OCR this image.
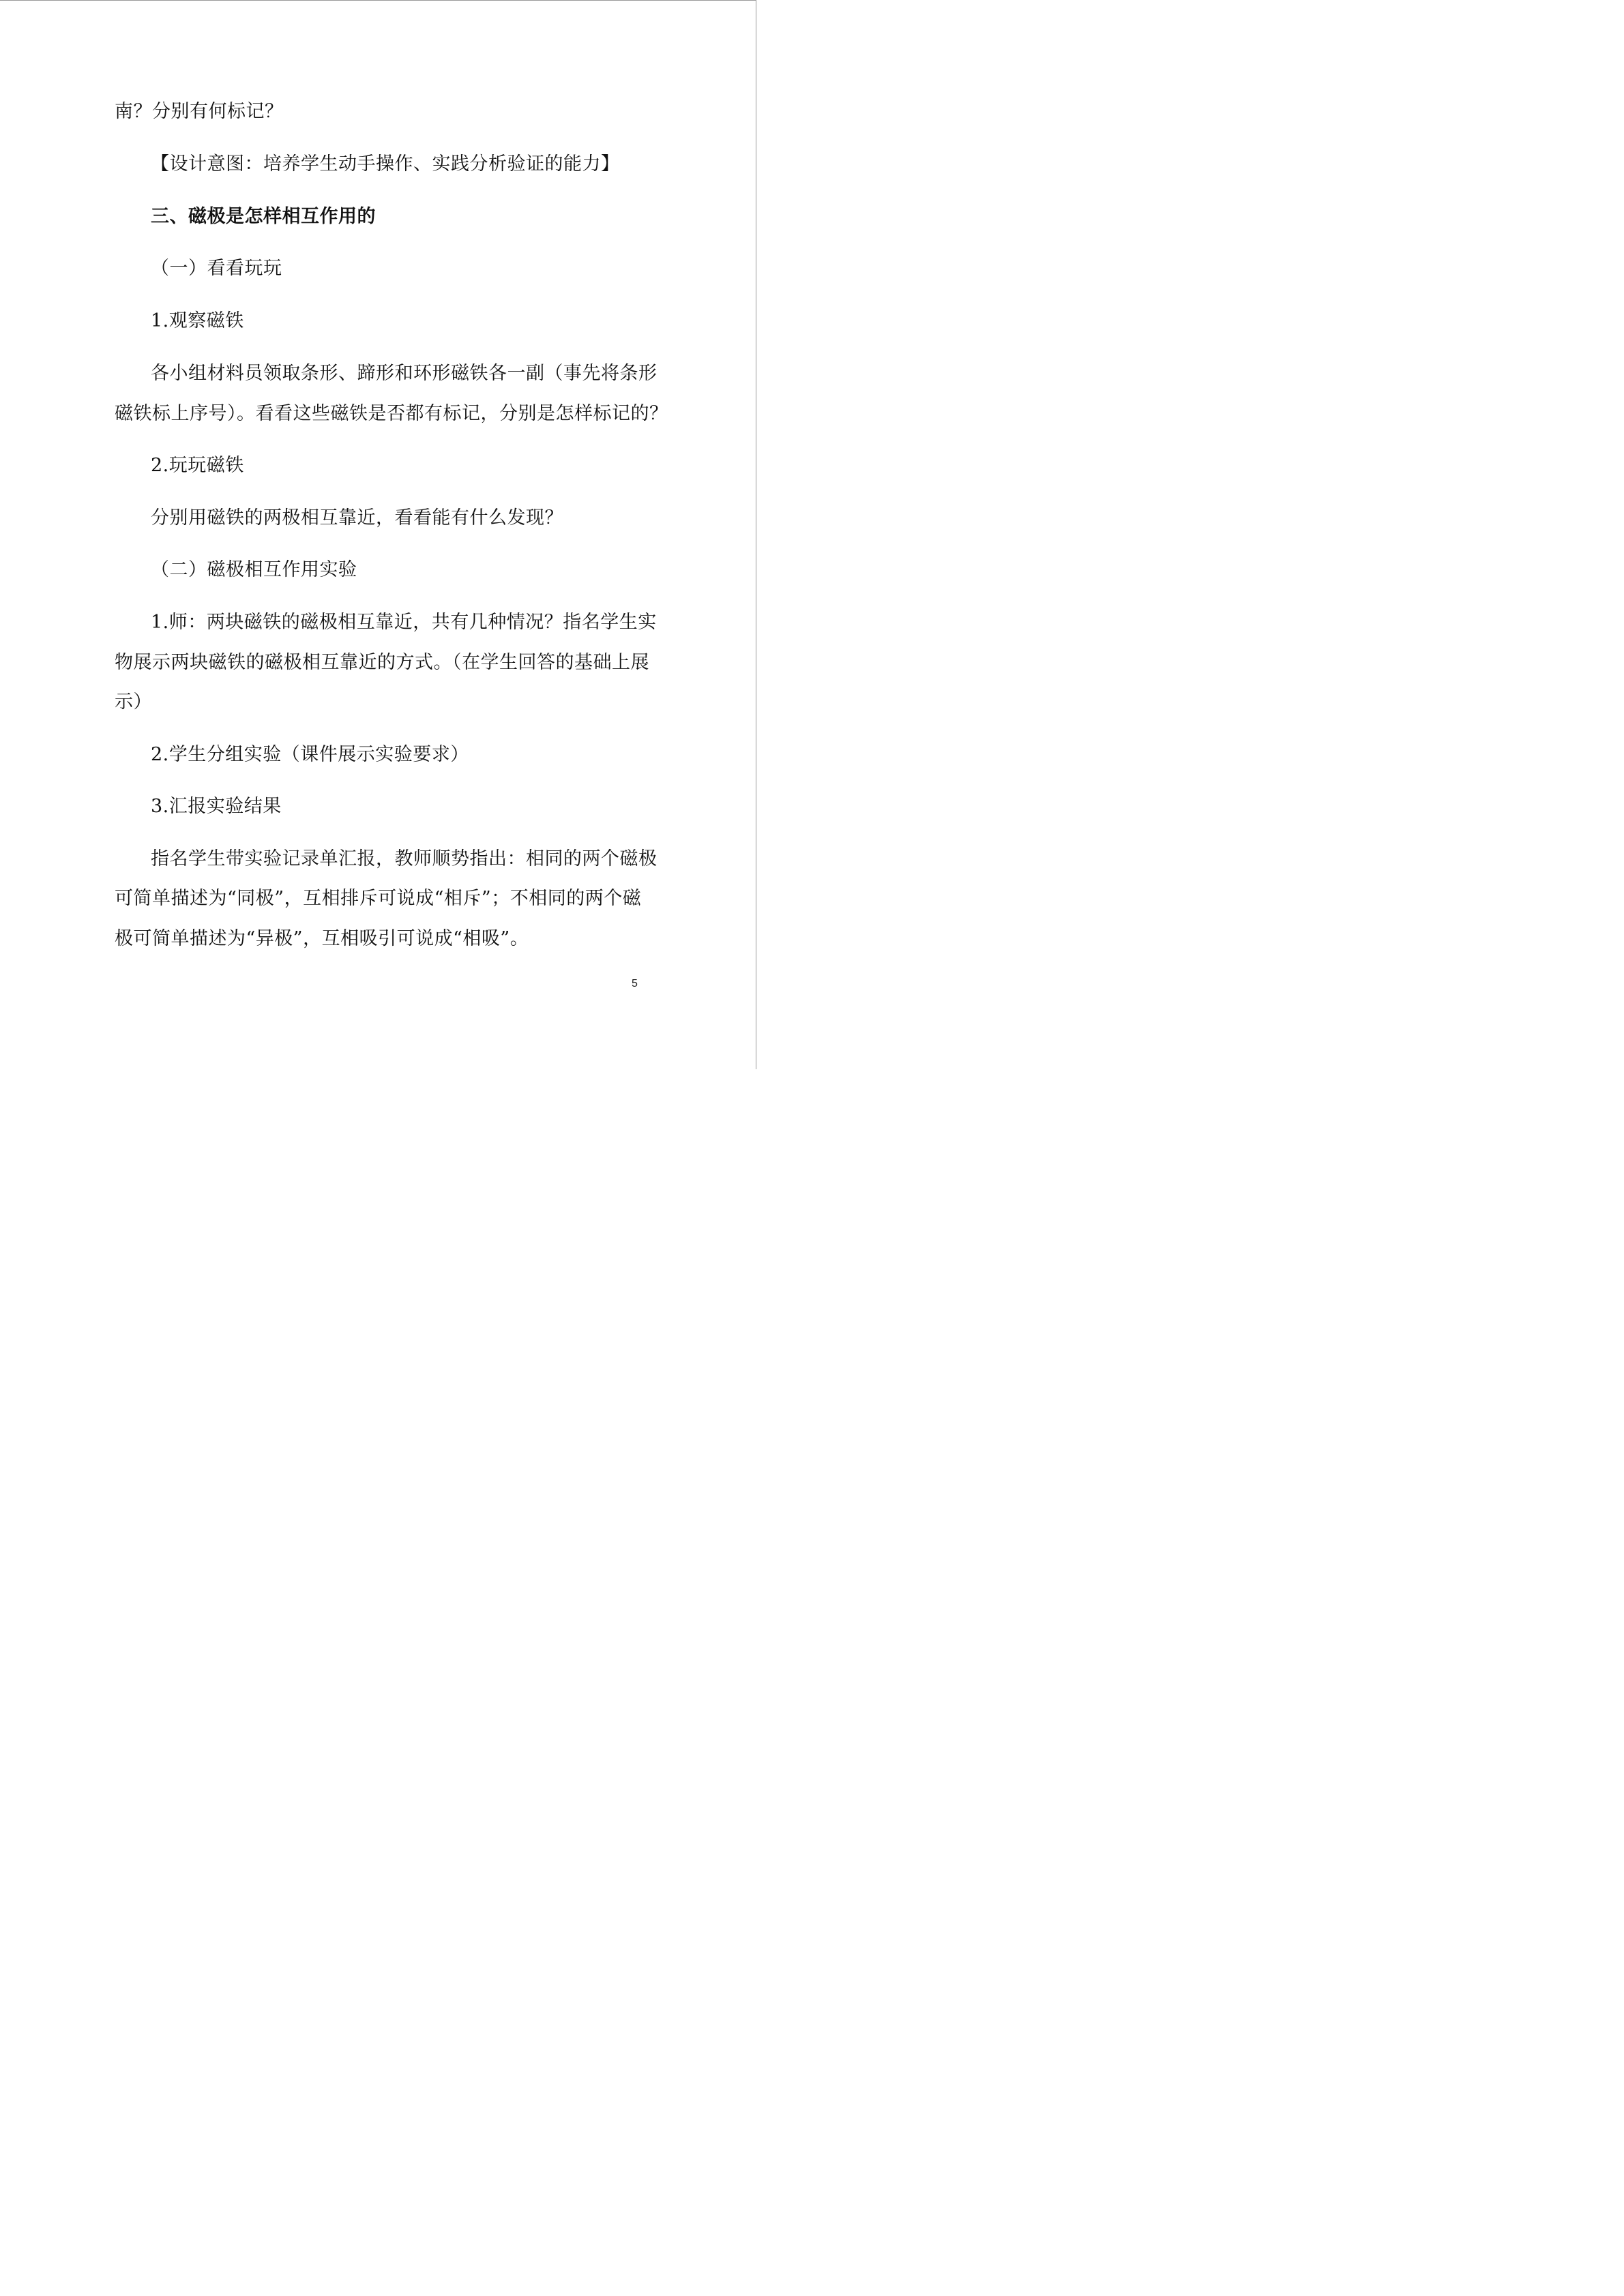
南？分别有何标记？
【设计意图：培养学生动手操作、实践分析验证的能力】
三、磁极是怎样相互作用的
（一）看看玩玩
1.观察磁铁
各小组材料员领取条形、蹄形和环形磁铁各一副（事先将条形
磁铁标上序号）。看看这些磁铁是否都有标记，分别是怎样标记的？
2.玩玩磁铁
分别用磁铁的两极相互靠近，看看能有什么发现？
（二）磁极相互作用实验
1.师：两块磁铁的磁极相互靠近，共有几种情况？指名学生实
物展示两块磁铁的磁极相互靠近的方式。（在学生回答的基础上展
示）
2.学生分组实验（课件展示实验要求）
3.汇报实验结果
指名学生带实验记录单汇报，教师顺势指出：相同的两个磁极
可简单描述为“同极”，互相排斥可说成“相斥”；不相同的两个磁
极可简单描述为“异极”，互相吸引可说成“相吸”。
5
